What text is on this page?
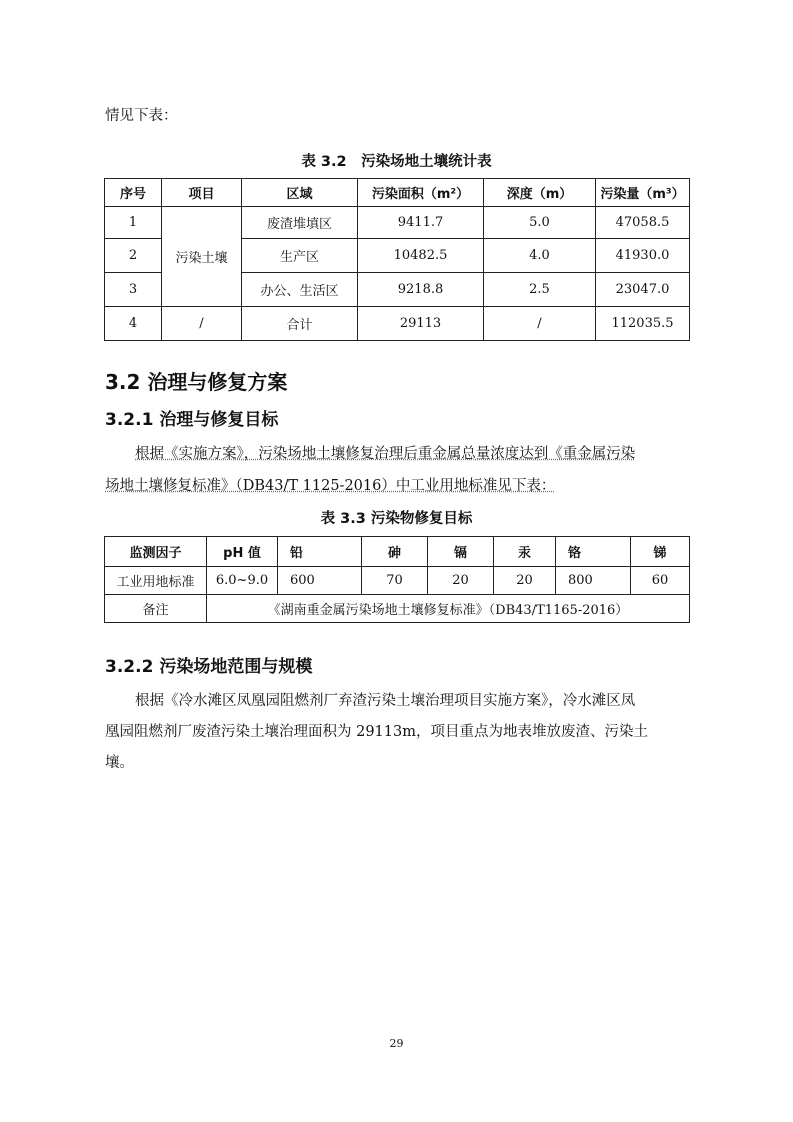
情见下表：
表 3.2　污染场地土壤统计表
序号	项目	区域	污染面积（m²）	深度（m）	污染量（m³）
1	污染土壤	废渣堆填区	9411.7	5.0	47058.5
2		生产区	10482.5	4.0	41930.0
3		办公、生活区	9218.8	2.5	23047.0
4	/	合计	29113	/	112035.5
3.2 治理与修复方案
3.2.1 治理与修复目标
根据《实施方案》，污染场地土壤修复治理后重金属总量浓度达到《重金属污染
场地土壤修复标准》（DB43/T 1125-2016）中工业用地标准见下表：
表 3.3 污染物修复目标
监测因子	pH 值	铅	砷	镉	汞	铬	锑
工业用地标准	6.0~9.0	600	70	20	20	800	60
备注	《湖南重金属污染场地土壤修复标准》（DB43/T1165-2016）						
3.2.2 污染场地范围与规模
根据《冷水滩区凤凰园阻燃剂厂弃渣污染土壤治理项目实施方案》，冷水滩区凤
凰园阻燃剂厂废渣污染土壤治理面积为 29113m，项目重点为地表堆放废渣、污染土
壤。
29
